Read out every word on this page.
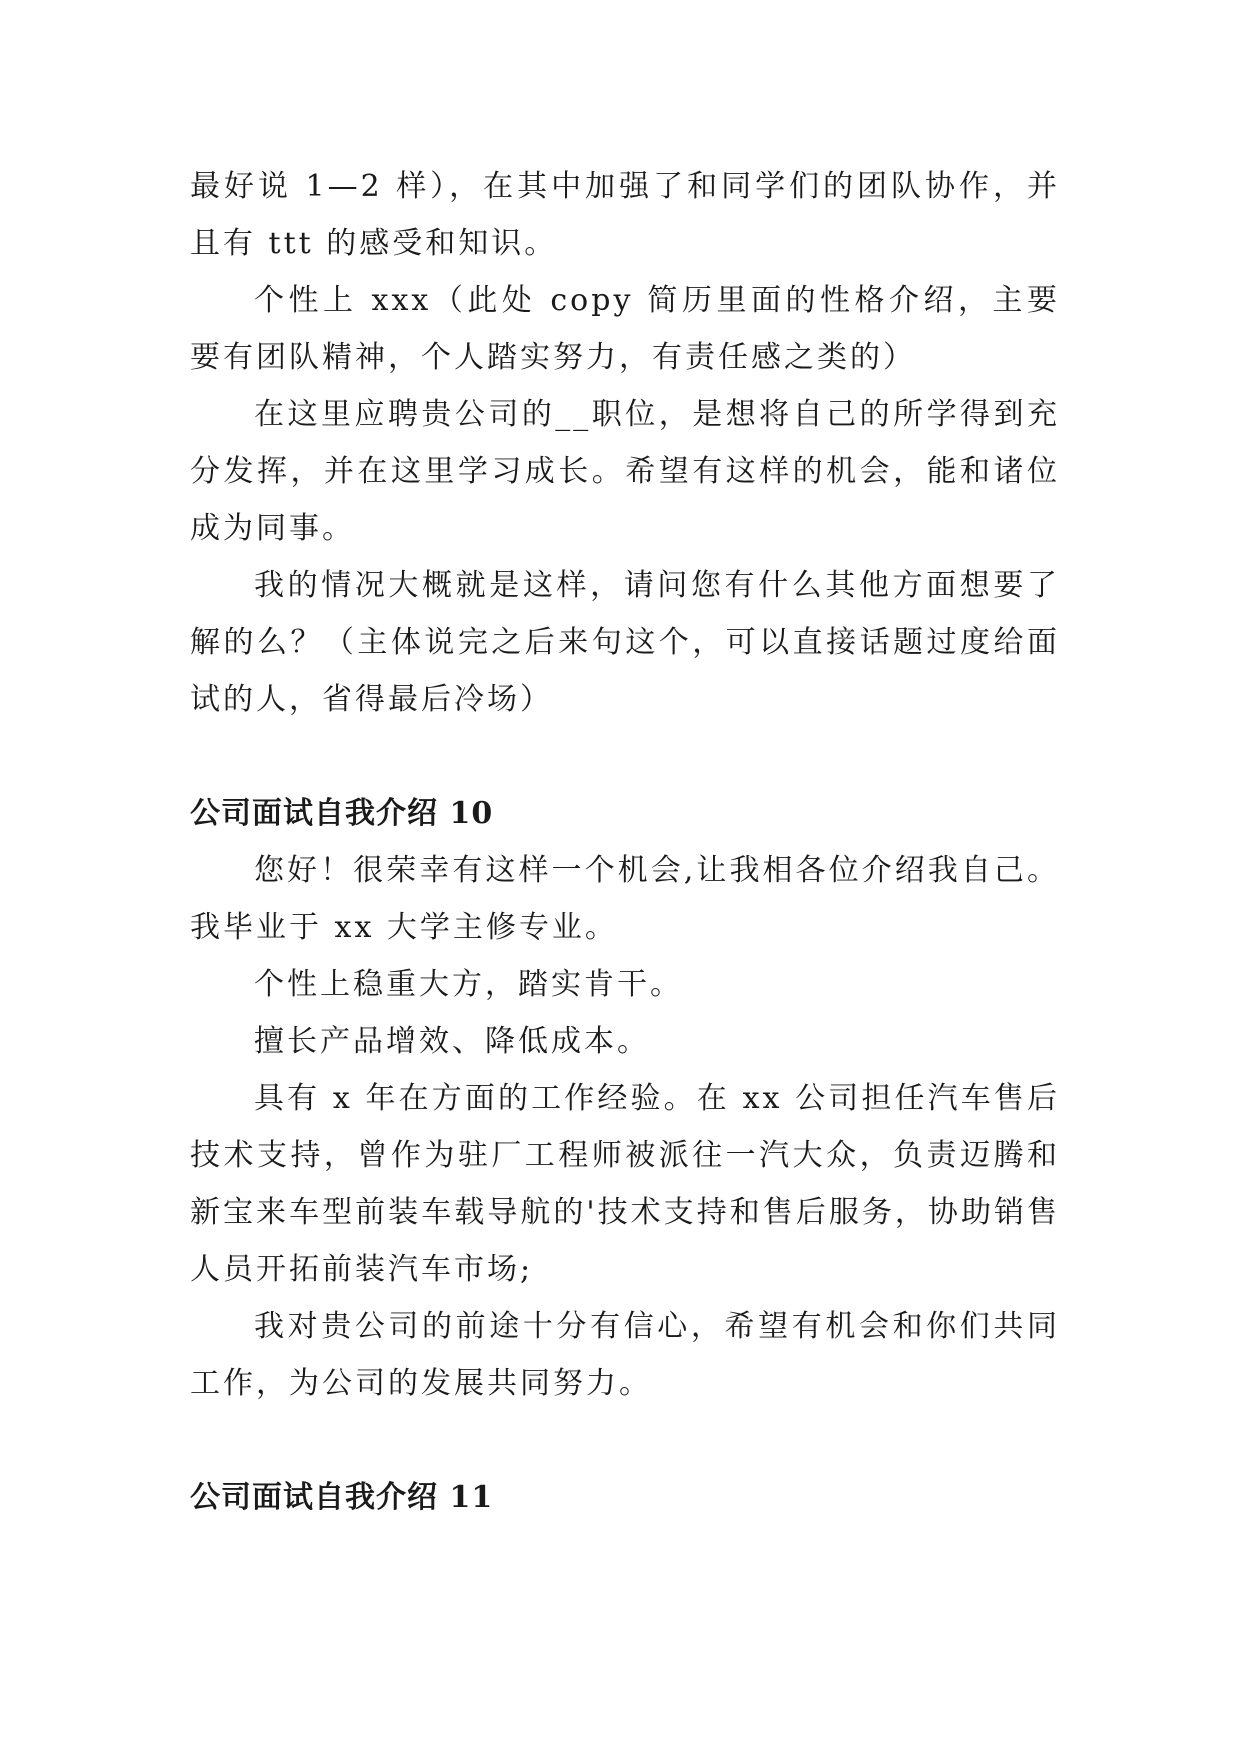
最好说 1—2 样），在其中加强了和同学们的团队协作，并且有 ttt 的感受和知识。

个性上 xxx（此处 copy 简历里面的性格介绍，主要要有团队精神，个人踏实努力，有责任感之类的）

在这里应聘贵公司的__职位，是想将自己的所学得到充分发挥，并在这里学习成长。希望有这样的机会，能和诸位成为同事。

我的情况大概就是这样，请问您有什么其他方面想要了解的么？（主体说完之后来句这个，可以直接话题过度给面试的人，省得最后冷场）

公司面试自我介绍 10

您好！很荣幸有这样一个机会,让我相各位介绍我自己。我毕业于 xx 大学主修专业。

个性上稳重大方，踏实肯干。

擅长产品增效、降低成本。

具有 x 年在方面的工作经验。在 xx 公司担任汽车售后技术支持，曾作为驻厂工程师被派往一汽大众，负责迈腾和新宝来车型前装车载导航的'技术支持和售后服务，协助销售人员开拓前装汽车市场;

我对贵公司的前途十分有信心，希望有机会和你们共同工作，为公司的发展共同努力。

公司面试自我介绍 11
